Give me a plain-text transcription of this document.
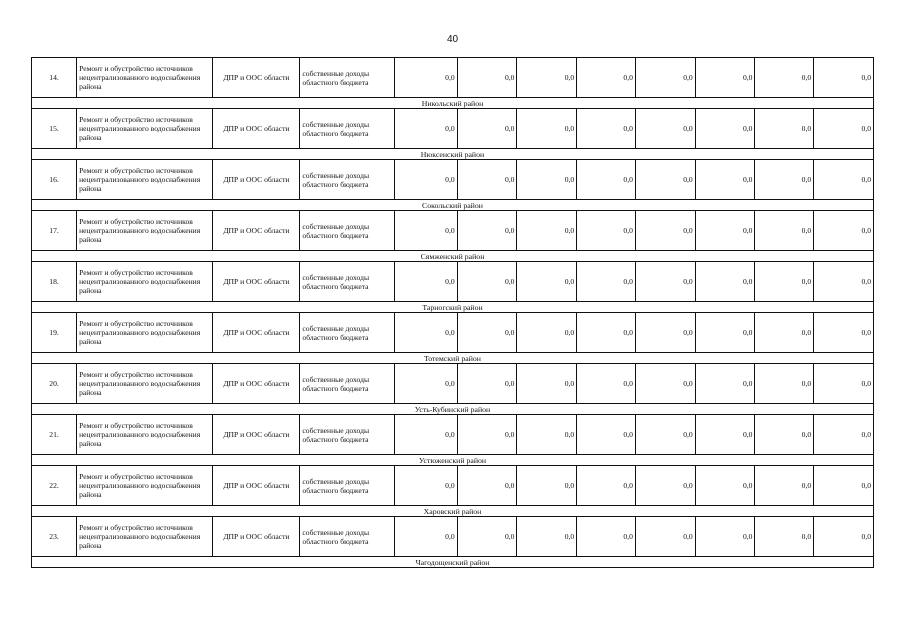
40
14.	Ремонт и обустройство источников нецентрализованного водоснабжения района	ДПР и ООС области	собственные доходы областного бюджета	0,0	0,0	0,0	0,0	0,0	0,0	0,0	0,0
Никольский район											
15.	Ремонт и обустройство источников нецентрализованного водоснабжения района	ДПР и ООС области	собственные доходы областного бюджета	0,0	0,0	0,0	0,0	0,0	0,0	0,0	0,0
Нюксенский район											
16.	Ремонт и обустройство источников нецентрализованного водоснабжения района	ДПР и ООС области	собственные доходы областного бюджета	0,0	0,0	0,0	0,0	0,0	0,0	0,0	0,0
Сокольский район											
17.	Ремонт и обустройство источников нецентрализованного водоснабжения района	ДПР и ООС области	собственные доходы областного бюджета	0,0	0,0	0,0	0,0	0,0	0,0	0,0	0,0
Сямженский район											
18.	Ремонт и обустройство источников нецентрализованного водоснабжения района	ДПР и ООС области	собственные доходы областного бюджета	0,0	0,0	0,0	0,0	0,0	0,0	0,0	0,0
Тарногский район											
19.	Ремонт и обустройство источников нецентрализованного водоснабжения района	ДПР и ООС области	собственные доходы областного бюджета	0,0	0,0	0,0	0,0	0,0	0,0	0,0	0,0
Тотемский район											
20.	Ремонт и обустройство источников нецентрализованного водоснабжения района	ДПР и ООС области	собственные доходы областного бюджета	0,0	0,0	0,0	0,0	0,0	0,0	0,0	0,0
Усть-Кубинский район											
21.	Ремонт и обустройство источников нецентрализованного водоснабжения района	ДПР и ООС области	собственные доходы областного бюджета	0,0	0,0	0,0	0,0	0,0	0,0	0,0	0,0
Устюженский район											
22.	Ремонт и обустройство источников нецентрализованного водоснабжения района	ДПР и ООС области	собственные доходы областного бюджета	0,0	0,0	0,0	0,0	0,0	0,0	0,0	0,0
Харовский район											
23.	Ремонт и обустройство источников нецентрализованного водоснабжения района	ДПР и ООС области	собственные доходы областного бюджета	0,0	0,0	0,0	0,0	0,0	0,0	0,0	0,0
Чагодощенский район											
